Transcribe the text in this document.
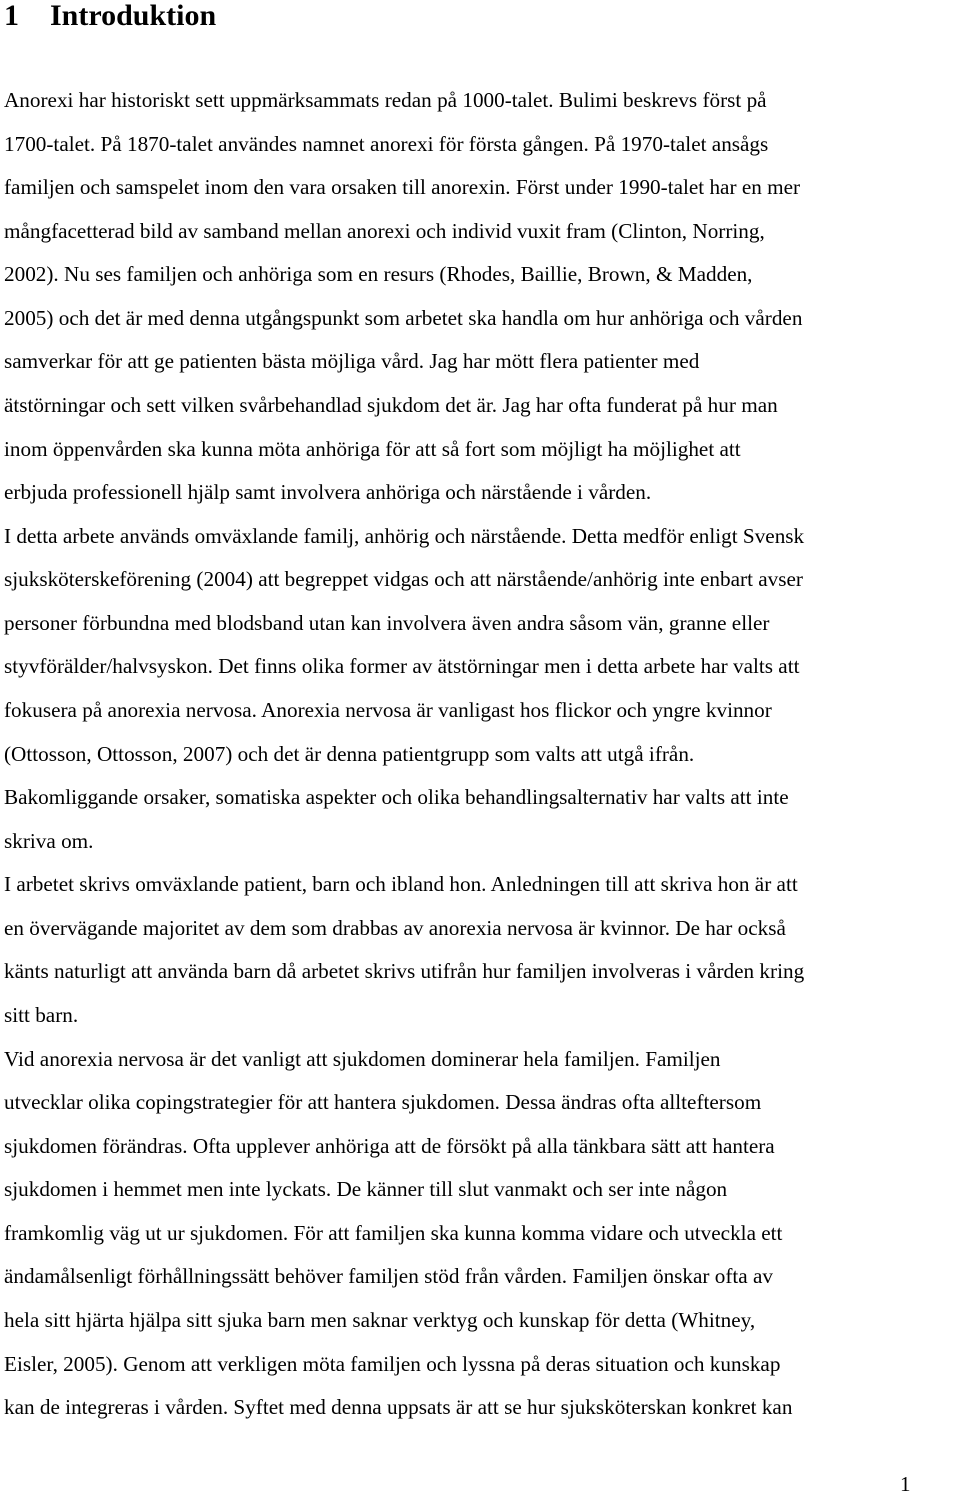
1 Introduktion

Anorexi har historiskt sett uppmärksammats redan på 1000-talet. Bulimi beskrevs först på

1700-talet. På 1870-talet användes namnet anorexi för första gången. På 1970-talet ansågs

familjen och samspelet inom den vara orsaken till anorexin. Först under 1990-talet har en mer

mångfacetterad bild av samband mellan anorexi och individ vuxit fram (Clinton, Norring,

2002). Nu ses familjen och anhöriga som en resurs (Rhodes, Baillie, Brown, & Madden,

2005) och det är med denna utgångspunkt som arbetet ska handla om hur anhöriga och vården

samverkar för att ge patienten bästa möjliga vård. Jag har mött flera patienter med

ätstörningar och sett vilken svårbehandlad sjukdom det är. Jag har ofta funderat på hur man

inom öppenvården ska kunna möta anhöriga för att så fort som möjligt ha möjlighet att

erbjuda professionell hjälp samt involvera anhöriga och närstående i vården.

I detta arbete används omväxlande familj, anhörig och närstående. Detta medför enligt Svensk

sjuksköterskeförening (2004) att begreppet vidgas och att närstående/anhörig inte enbart avser

personer förbundna med blodsband utan kan involvera även andra såsom vän, granne eller

styvförälder/halvsyskon. Det finns olika former av ätstörningar men i detta arbete har valts att

fokusera på anorexia nervosa. Anorexia nervosa är vanligast hos flickor och yngre kvinnor

(Ottosson, Ottosson, 2007) och det är denna patientgrupp som valts att utgå ifrån.

Bakomliggande orsaker, somatiska aspekter och olika behandlingsalternativ har valts att inte

skriva om.

I arbetet skrivs omväxlande patient, barn och ibland hon. Anledningen till att skriva hon är att

en övervägande majoritet av dem som drabbas av anorexia nervosa är kvinnor. De har också

känts naturligt att använda barn då arbetet skrivs utifrån hur familjen involveras i vården kring

sitt barn.

Vid anorexia nervosa är det vanligt att sjukdomen dominerar hela familjen. Familjen

utvecklar olika copingstrategier för att hantera sjukdomen. Dessa ändras ofta allteftersom

sjukdomen förändras. Ofta upplever anhöriga att de försökt på alla tänkbara sätt att hantera

sjukdomen i hemmet men inte lyckats. De känner till slut vanmakt och ser inte någon

framkomlig väg ut ur sjukdomen. För att familjen ska kunna komma vidare och utveckla ett

ändamålsenligt förhållningssätt behöver familjen stöd från vården. Familjen önskar ofta av

hela sitt hjärta hjälpa sitt sjuka barn men saknar verktyg och kunskap för detta (Whitney,

Eisler, 2005). Genom att verkligen möta familjen och lyssna på deras situation och kunskap

kan de integreras i vården. Syftet med denna uppsats är att se hur sjuksköterskan konkret kan

1
